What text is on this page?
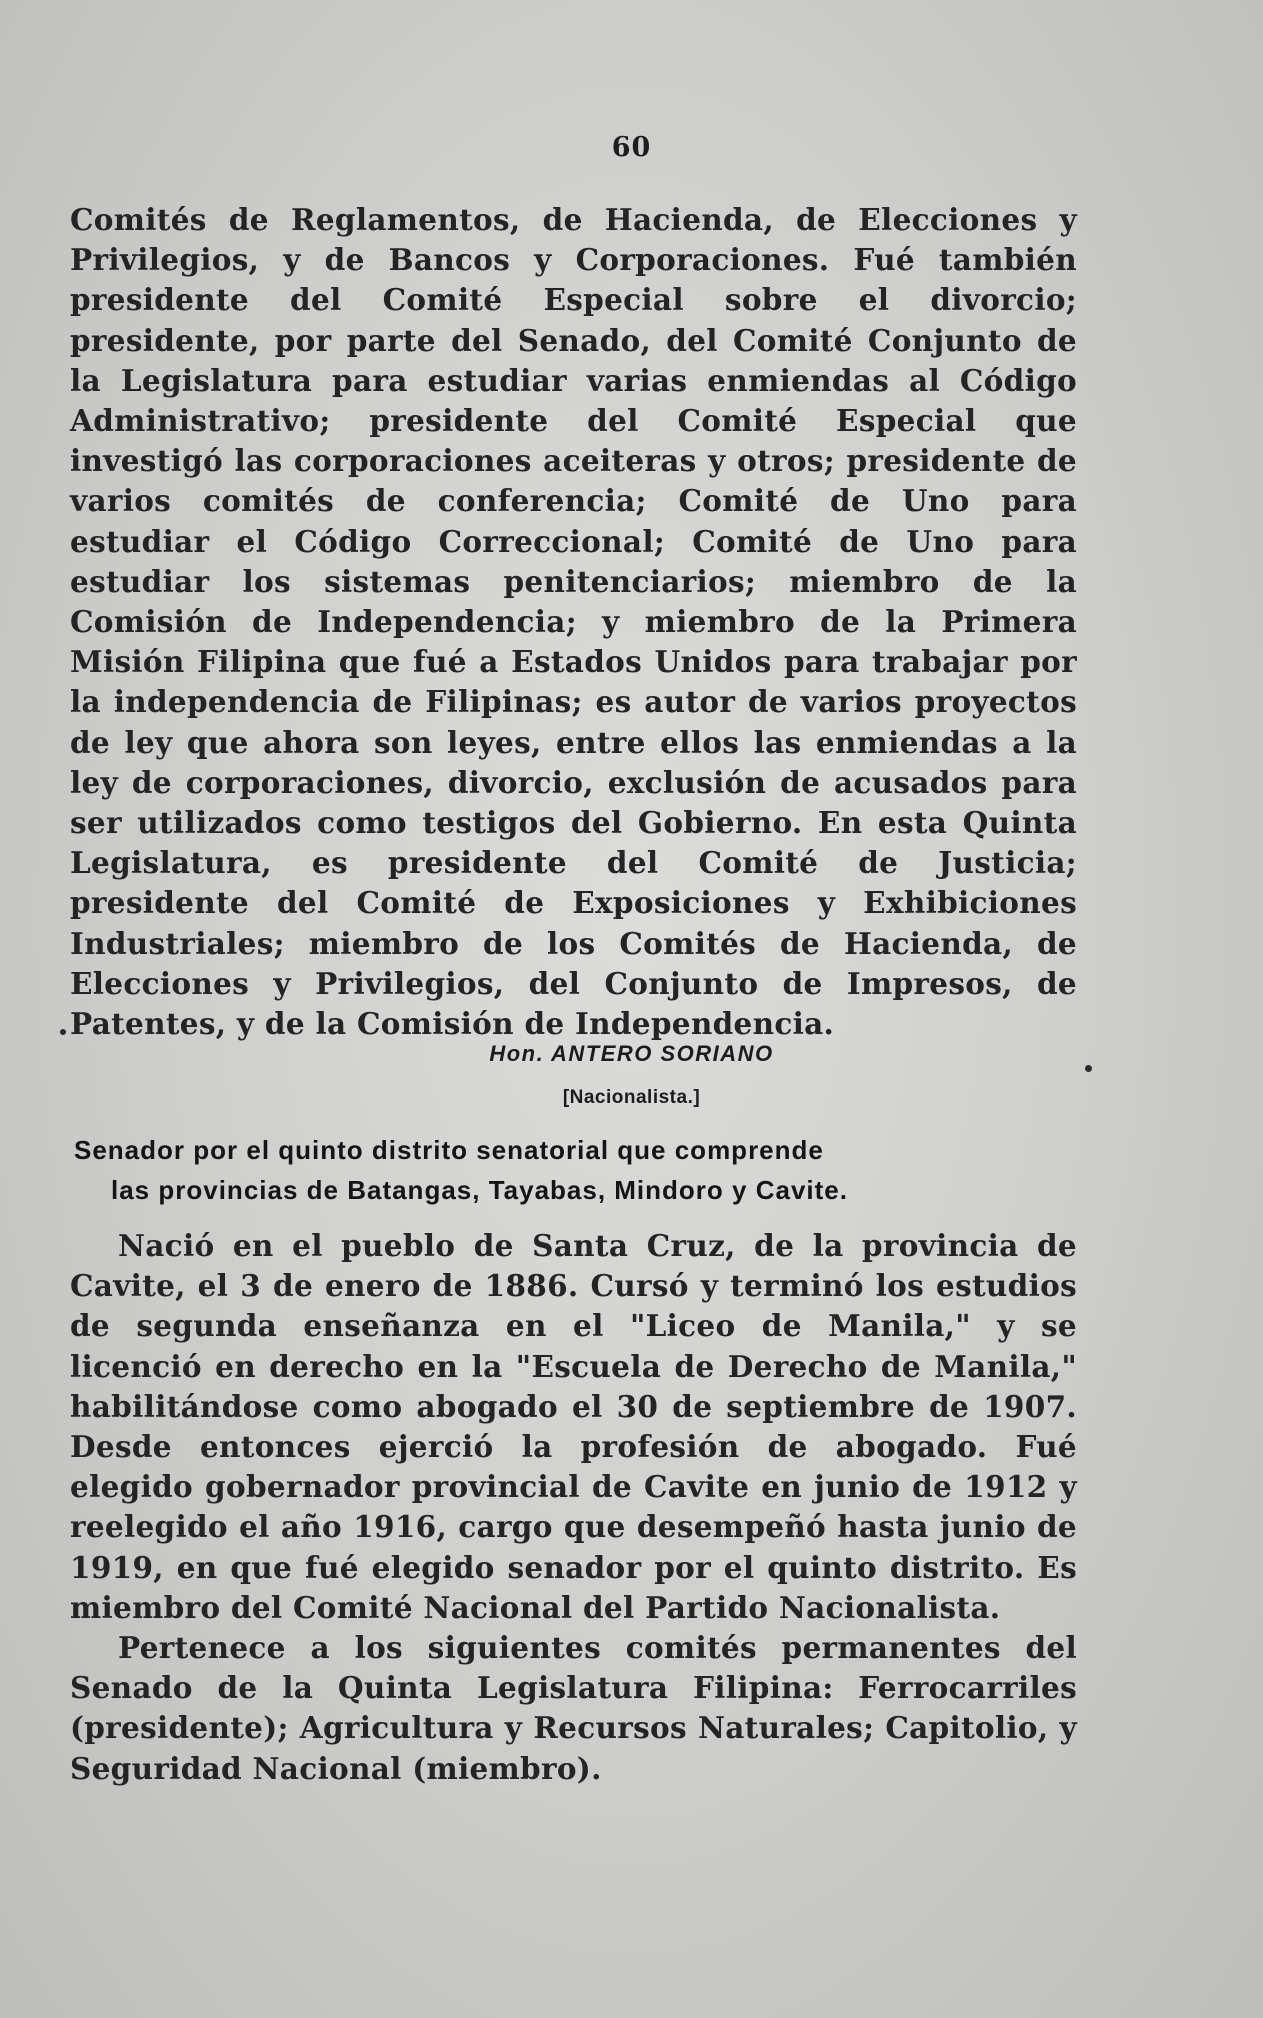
60

Comités de Reglamentos, de Hacienda, de Elecciones y Privilegios, y de Bancos y Corporaciones. Fué también presidente del Comité Especial sobre el divorcio; presidente, por parte del Senado, del Comité Conjunto de la Legislatura para estudiar varias enmiendas al Código Administrativo; presidente del Comité Especial que investigó las corporaciones aceiteras y otros; presidente de varios comités de conferencia; Comité de Uno para estudiar el Código Correccional; Comité de Uno para estudiar los sistemas penitenciarios; miembro de la Comisión de Independencia; y miembro de la Primera Misión Filipina que fué a Estados Unidos para trabajar por la independencia de Filipinas; es autor de varios proyectos de ley que ahora son leyes, entre ellos las enmiendas a la ley de corporaciones, divorcio, exclusión de acusados para ser utilizados como testigos del Gobierno. En esta Quinta Legislatura, es presidente del Comité de Justicia; presidente del Comité de Exposiciones y Exhibiciones Industriales; miembro de los Comités de Hacienda, de Elecciones y Privilegios, del Conjunto de Impresos, de Patentes, y de la Comisión de Independencia.

Hon. ANTERO SORIANO
[Nacionalista.]
Senador por el quinto distrito senatorial que comprende
las provincias de Batangas, Tayabas, Mindoro y Cavite.

Nació en el pueblo de Santa Cruz, de la provincia de Cavite, el 3 de enero de 1886. Cursó y terminó los estudios de segunda enseñanza en el "Liceo de Manila," y se licenció en derecho en la "Escuela de Derecho de Manila," habilitándose como abogado el 30 de septiembre de 1907. Desde entonces ejerció la profesión de abogado. Fué elegido gobernador provincial de Cavite en junio de 1912 y reelegido el año 1916, cargo que desempeñó hasta junio de 1919, en que fué elegido senador por el quinto distrito. Es miembro del Comité Nacional del Partido Nacionalista.

Pertenece a los siguientes comités permanentes del Senado de la Quinta Legislatura Filipina: Ferrocarriles (presidente); Agricultura y Recursos Naturales; Capitolio, y Seguridad Nacional (miembro).
